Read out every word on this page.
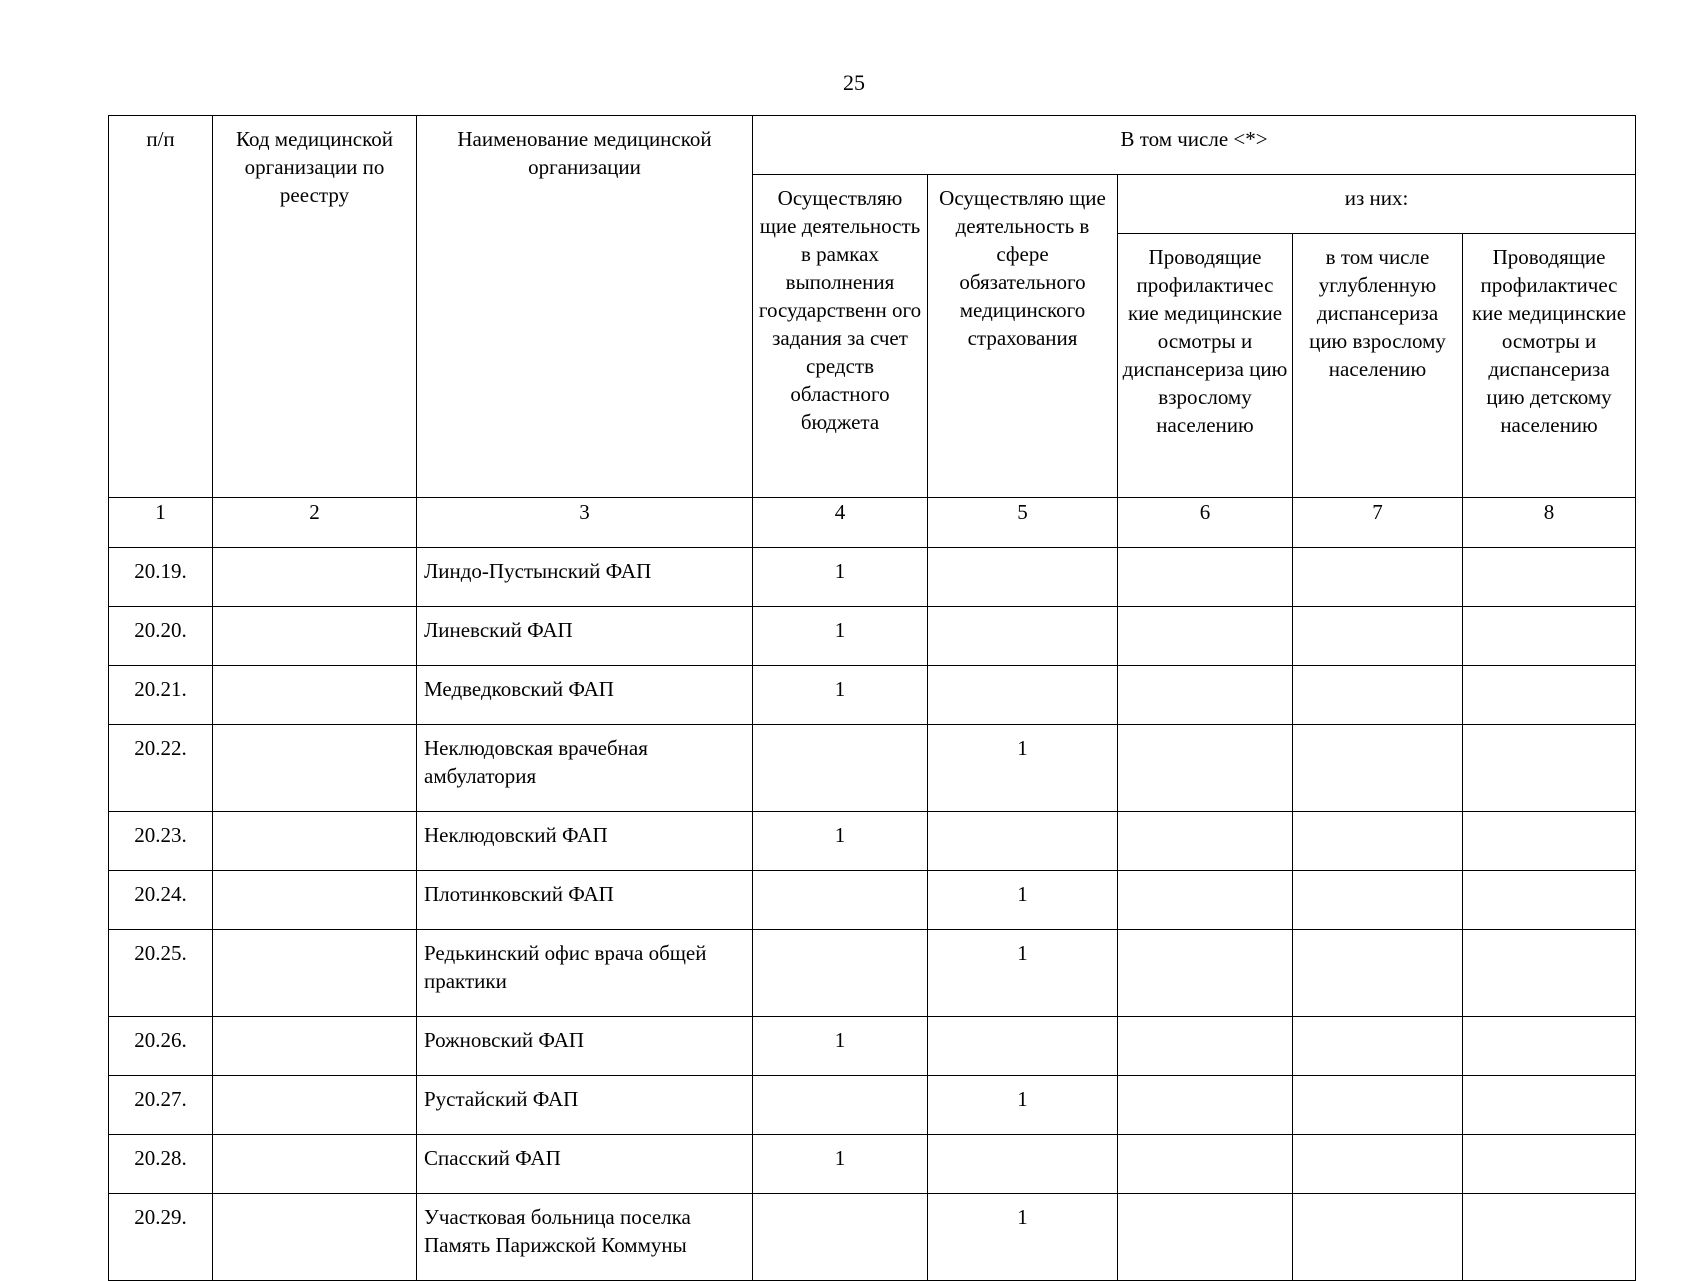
25
п/п	Код медицинской организации по реестру	Наименование медицинской организации	В том числе <*>				
			Осуществляю щие деятельность в рамках выполнения государственн ого задания за счет средств областного бюджета	Осуществляю щие деятельность в сфере обязательного медицинского страхования	из них:		
					Проводящие профилактичес кие медицинские осмотры и диспансериза цию взрослому населению	в том числе углубленную диспансериза цию взрослому населению	Проводящие профилактичес кие медицинские осмотры и диспансериза цию детскому населению
1	2	3	4	5	6	7	8
20.19.		Линдо-Пустынский ФАП	1				
20.20.		Линевский ФАП	1				
20.21.		Медведковский ФАП	1				
20.22.		Неклюдовская врачебная амбулатория		1			
20.23.		Неклюдовский ФАП	1				
20.24.		Плотинковский ФАП		1			
20.25.		Редькинский офис врача общей практики		1			
20.26.		Рожновский ФАП	1				
20.27.		Рустайский ФАП		1			
20.28.		Спасский ФАП	1				
20.29.		Участковая больница поселка Память Парижской Коммуны		1			
